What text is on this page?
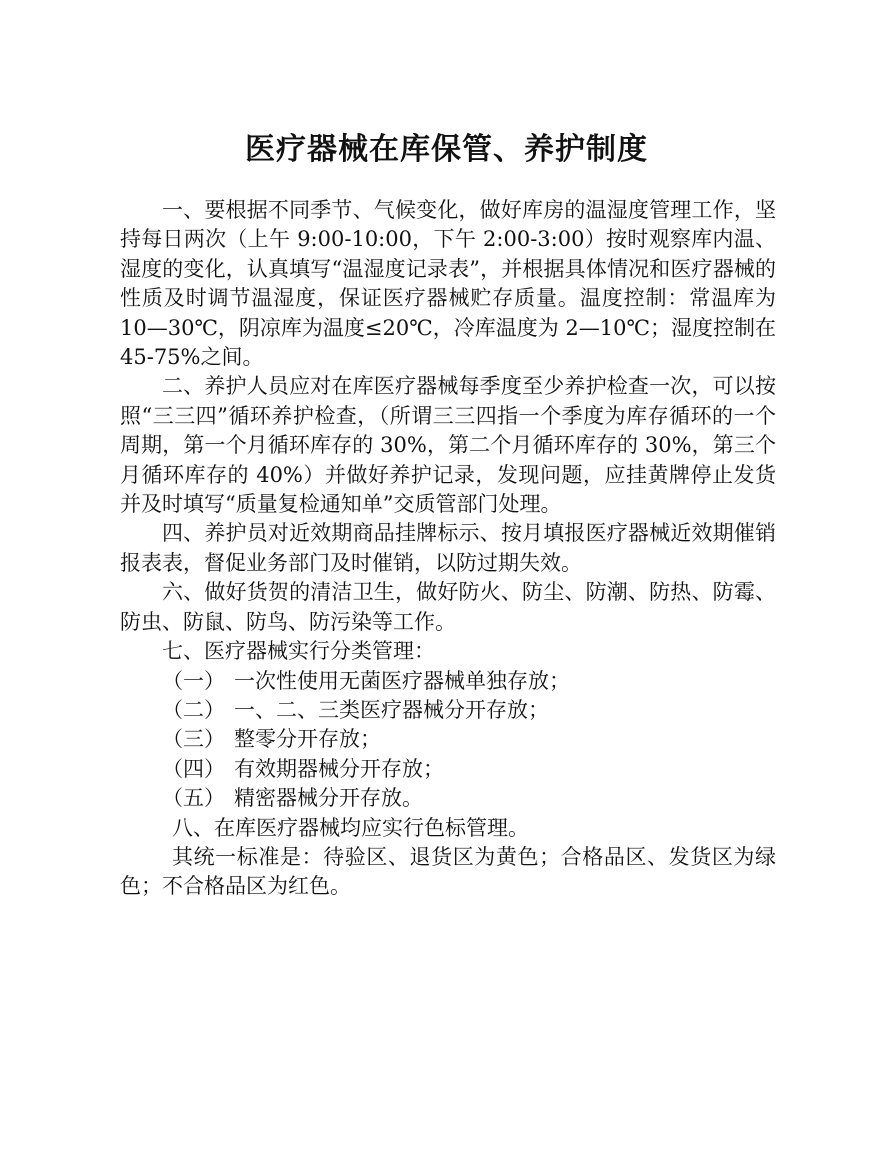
医疗器械在库保管、养护制度

一、要根据不同季节、气候变化，做好库房的温湿度管理工作，坚持每日两次（上午 9:00-10:00，下午 2:00-3:00）按时观察库内温、湿度的变化，认真填写“温湿度记录表”，并根据具体情况和医疗器械的性质及时调节温湿度，保证医疗器械贮存质量。温度控制：常温库为 10—30℃，阴凉库为温度≤20℃，冷库温度为 2—10℃；湿度控制在 45-75%之间。

二、养护人员应对在库医疗器械每季度至少养护检查一次，可以按照“三三四”循环养护检查，（所谓三三四指一个季度为库存循环的一个周期，第一个月循环库存的 30%，第二个月循环库存的 30%，第三个月循环库存的 40%）并做好养护记录，发现问题，应挂黄牌停止发货并及时填写“质量复检通知单”交质管部门处理。

四、养护员对近效期商品挂牌标示、按月填报医疗器械近效期催销报表表，督促业务部门及时催销，以防过期失效。

六、做好货贺的清洁卫生，做好防火、防尘、防潮、防热、防霉、防虫、防鼠、防鸟、防污染等工作。

七、医疗器械实行分类管理：

（一） 一次性使用无菌医疗器械单独存放；
（二） 一、二、三类医疗器械分开存放；
（三） 整零分开存放；
（四） 有效期器械分开存放；
（五） 精密器械分开存放。

八、在库医疗器械均应实行色标管理。

其统一标准是：待验区、退货区为黄色；合格品区、发货区为绿色；不合格品区为红色。
